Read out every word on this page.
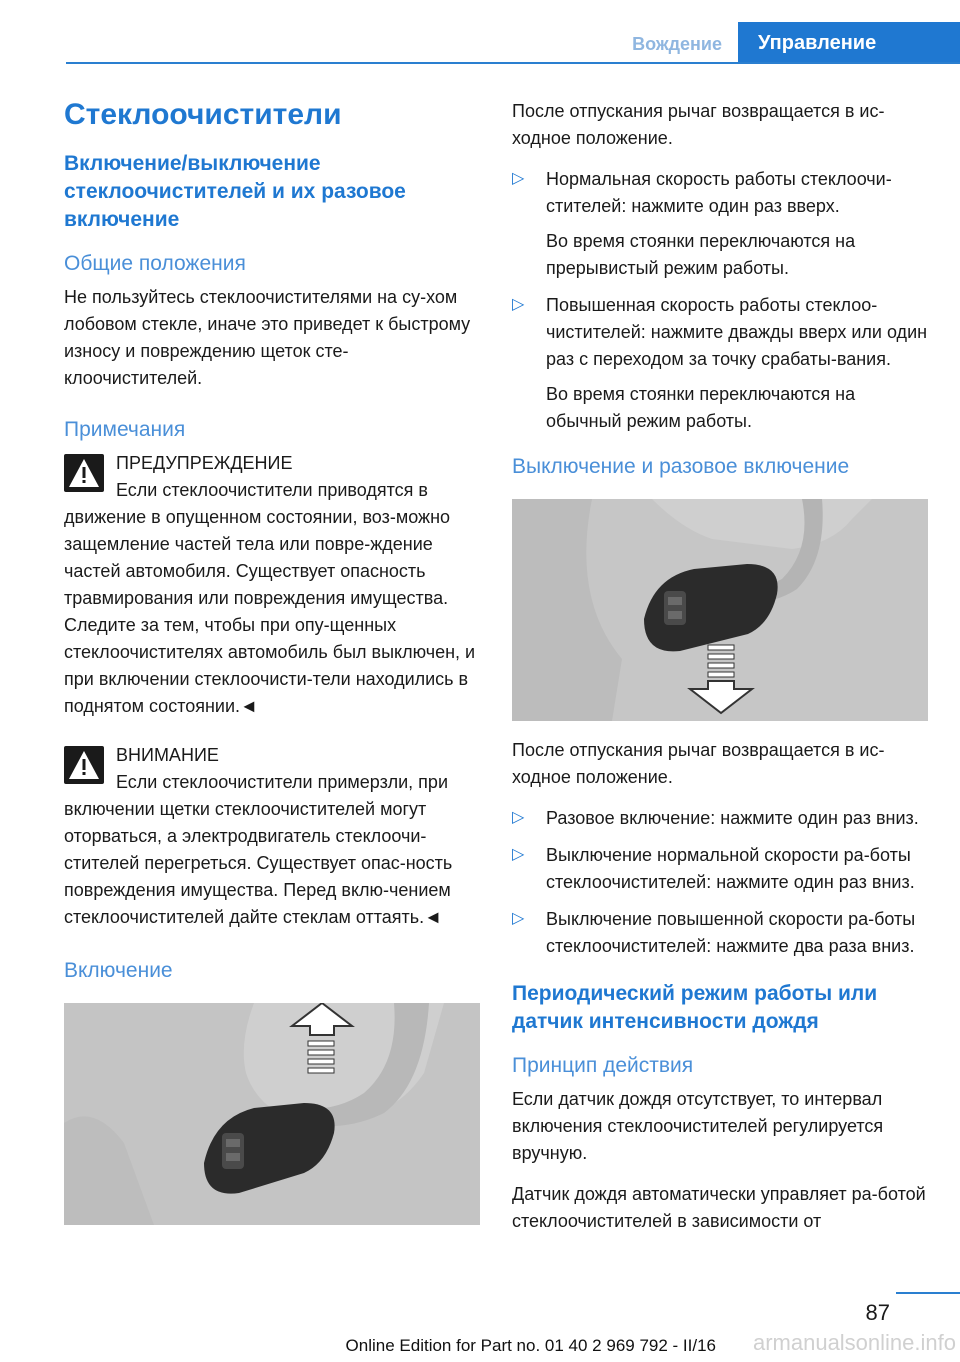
Вождение	Управление
Стеклоочистители
Включение/выключение стеклоочистителей и их разовое включение
Общие положения
Не пользуйтесь стеклоочистителями на су-хом лобовом стекле, иначе это приведет к быстрому износу и повреждению щеток сте-клоочистителей.
Примечания
ПРЕДУПРЕЖДЕНИЕ
Если стеклоочистители приводятся в
движение в опущенном состоянии, воз-можно защемление частей тела или повре-ждение частей автомобиля. Существует опасность травмирования или повреждения имущества. Следите за тем, чтобы при опу-щенных стеклоочистителях автомобиль был выключен, и при включении стеклоочисти-тели находились в поднятом состоянии.◄
ВНИМАНИЕ
Если стеклоочистители примерзли, при
включении щетки стеклоочистителей могут оторваться, а электродвигатель стеклоочи-стителей перегреться. Существует опас-ность повреждения имущества. Перед вклю-чением стеклоочистителей дайте стеклам оттаять.◄
Включение
После отпускания рычаг возвращается в ис-ходное положение.
▷ Нормальная скорость работы стеклоочи-стителей: нажмите один раз вверх.
Во время стоянки переключаются на прерывистый режим работы.
▷ Повышенная скорость работы стеклоо-чистителей: нажмите дважды вверх или один раз с переходом за точку срабаты-вания.
Во время стоянки переключаются на обычный режим работы.
Выключение и разовое включение
После отпускания рычаг возвращается в ис-ходное положение.
▷ Разовое включение: нажмите один раз вниз.
▷ Выключение нормальной скорости ра-боты стеклоочистителей: нажмите один раз вниз.
▷ Выключение повышенной скорости ра-боты стеклоочистителей: нажмите два раза вниз.
Периодический режим работы или датчик интенсивности дождя
Принцип действия
Если датчик дождя отсутствует, то интервал включения стеклоочистителей регулируется вручную.
Датчик дождя автоматически управляет ра-ботой стеклоочистителей в зависимости от
87
Online Edition for Part no. 01 40 2 969 792 - II/16 armanualsonline.info
